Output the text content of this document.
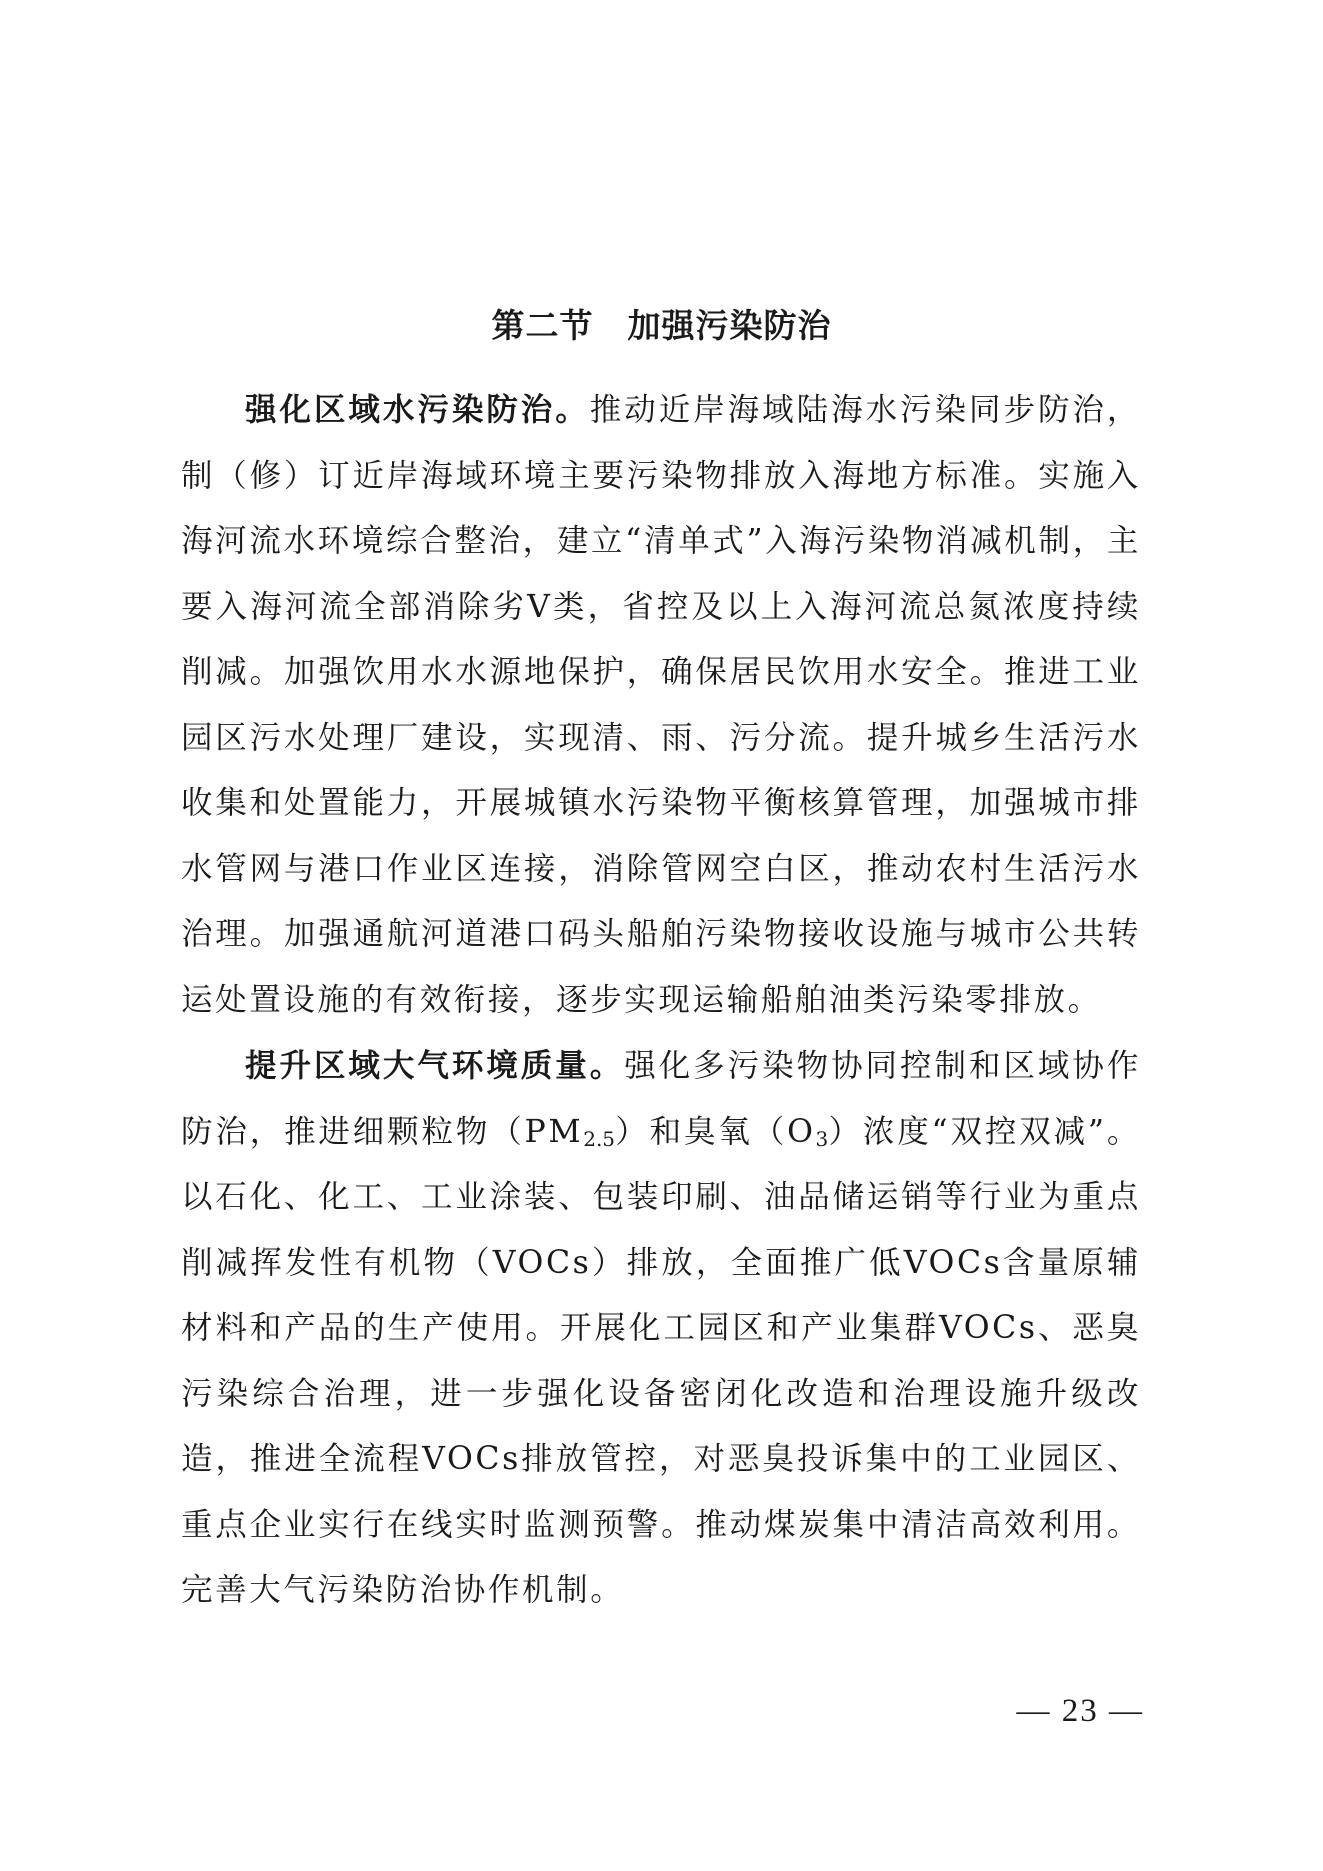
第二节 加强污染防治

强化区域水污染防治。推动近岸海域陆海水污染同步防治，制（修）订近岸海域环境主要污染物排放入海地方标准。实施入海河流水环境综合整治，建立“清单式”入海污染物消减机制，主要入海河流全部消除劣Ⅴ类，省控及以上入海河流总氮浓度持续削减。加强饮用水水源地保护，确保居民饮用水安全。推进工业园区污水处理厂建设，实现清、雨、污分流。提升城乡生活污水收集和处置能力，开展城镇水污染物平衡核算管理，加强城市排水管网与港口作业区连接，消除管网空白区，推动农村生活污水治理。加强通航河道港口码头船舶污染物接收设施与城市公共转运处置设施的有效衔接，逐步实现运输船舶油类污染零排放。

提升区域大气环境质量。强化多污染物协同控制和区域协作防治，推进细颗粒物$(PM_{2.5})$和臭氧$(O_3)$浓度“双控双减”。以石化、化工、工业涂装、包装印刷、油品储运销等行业为重点削减挥发性有机物（VOCs）排放，全面推广低VOCs含量原辅材料和产品的生产使用。开展化工园区和产业集群VOCs、恶臭污染综合治理，进一步强化设备密闭化改造和治理设施升级改造，推进全流程VOCs排放管控，对恶臭投诉集中的工业园区、重点企业实行在线实时监测预警。推动煤炭集中清洁高效利用。完善大气污染防治协作机制。

— 23 —
